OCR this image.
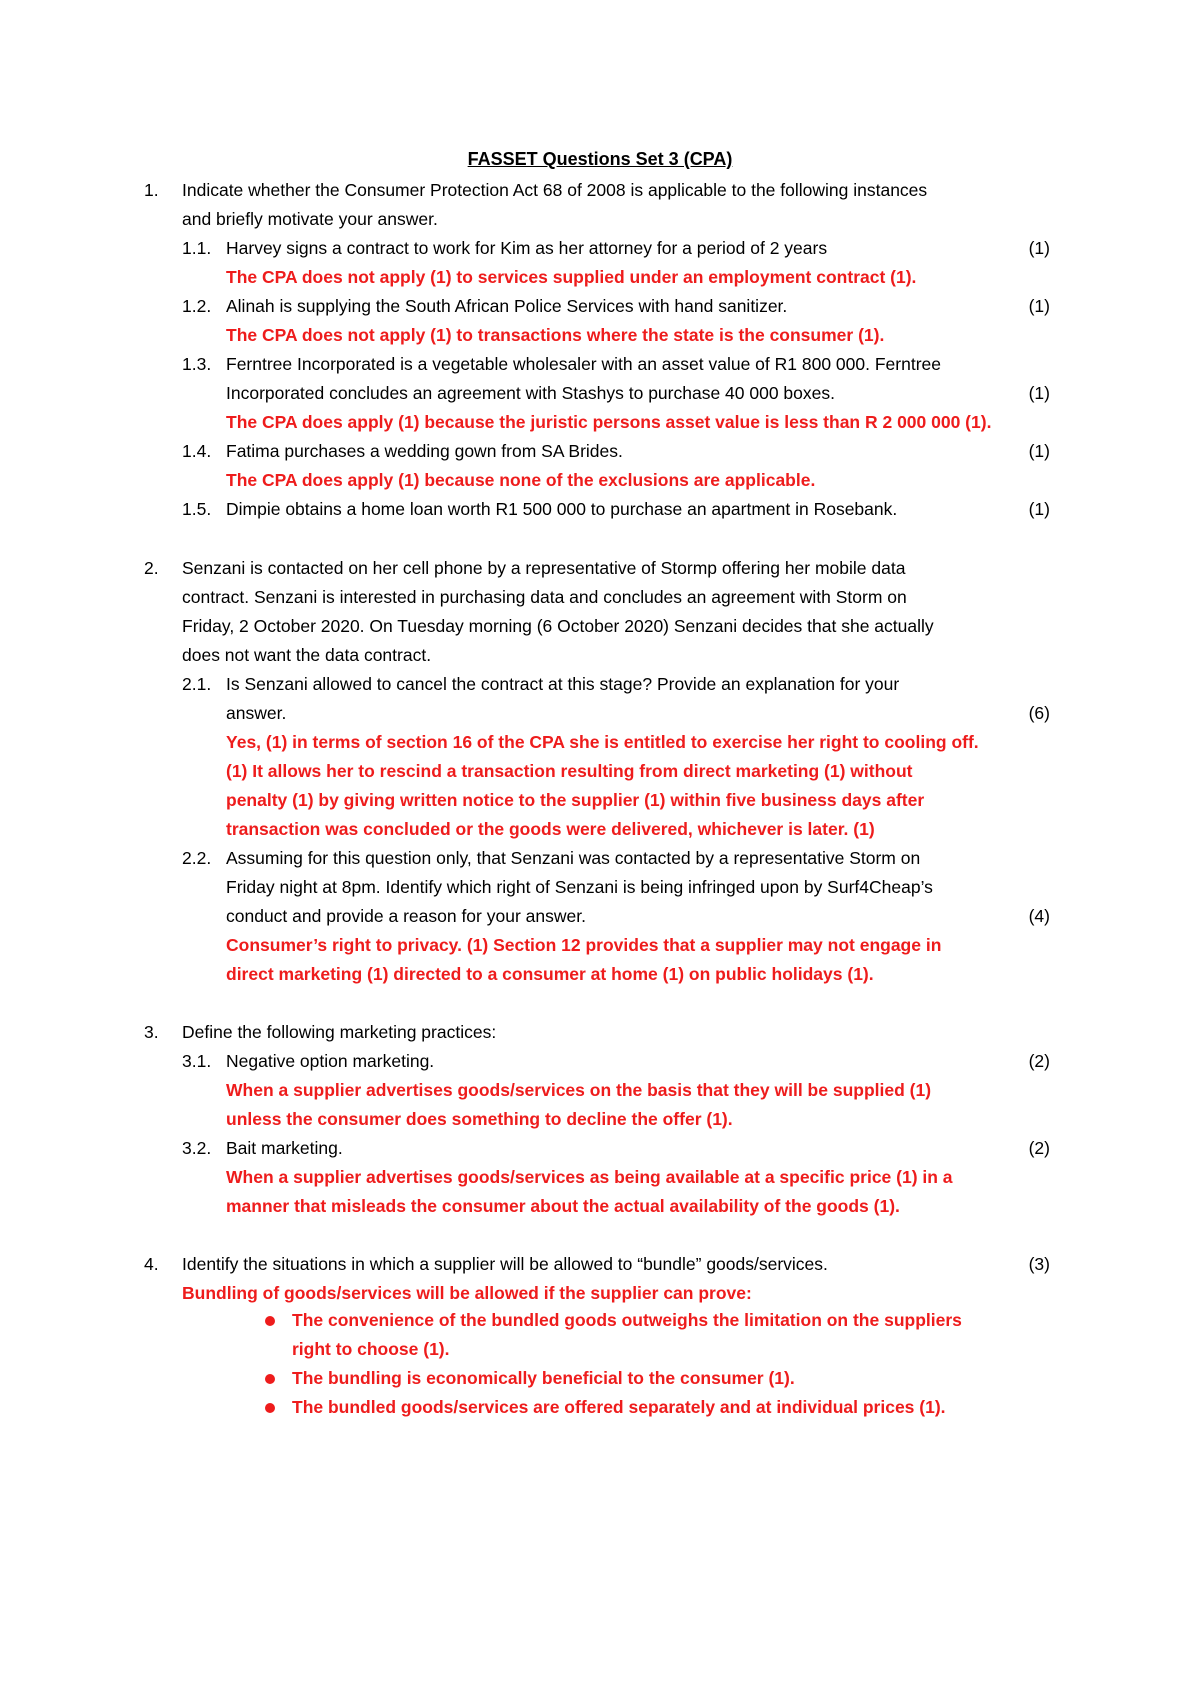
FASSET Questions Set 3 (CPA)
1. Indicate whether the Consumer Protection Act 68 of 2008 is applicable to the following instances
and briefly motivate your answer.
1.1. Harvey signs a contract to work for Kim as her attorney for a period of 2 years	(1)
The CPA does not apply (1) to services supplied under an employment contract (1).
1.2. Alinah is supplying the South African Police Services with hand sanitizer.	(1)
The CPA does not apply (1) to transactions where the state is the consumer (1).
1.3. Ferntree Incorporated is a vegetable wholesaler with an asset value of R1 800 000. Ferntree
Incorporated concludes an agreement with Stashys to purchase 40 000 boxes.	(1)
The CPA does apply (1) because the juristic persons asset value is less than R 2 000 000 (1).
1.4. Fatima purchases a wedding gown from SA Brides.	(1)
The CPA does apply (1) because none of the exclusions are applicable.
1.5. Dimpie obtains a home loan worth R1 500 000 to purchase an apartment in Rosebank.	(1)
2. Senzani is contacted on her cell phone by a representative of Stormp offering her mobile data
contract. Senzani is interested in purchasing data and concludes an agreement with Storm on
Friday, 2 October 2020. On Tuesday morning (6 October 2020) Senzani decides that she actually
does not want the data contract.
2.1. Is Senzani allowed to cancel the contract at this stage? Provide an explanation for your
answer.	(6)
Yes, (1) in terms of section 16 of the CPA she is entitled to exercise her right to cooling off.
(1) It allows her to rescind a transaction resulting from direct marketing (1) without
penalty (1) by giving written notice to the supplier (1) within five business days after
transaction was concluded or the goods were delivered, whichever is later. (1)
2.2. Assuming for this question only, that Senzani was contacted by a representative Storm on
Friday night at 8pm. Identify which right of Senzani is being infringed upon by Surf4Cheap’s
conduct and provide a reason for your answer.	(4)
Consumer’s right to privacy. (1) Section 12 provides that a supplier may not engage in
direct marketing (1) directed to a consumer at home (1) on public holidays (1).
3. Define the following marketing practices:
3.1. Negative option marketing.	(2)
When a supplier advertises goods/services on the basis that they will be supplied (1)
unless the consumer does something to decline the offer (1).
3.2. Bait marketing.	(2)
When a supplier advertises goods/services as being available at a specific price (1) in a
manner that misleads the consumer about the actual availability of the goods (1).
4. Identify the situations in which a supplier will be allowed to “bundle” goods/services.	(3)
Bundling of goods/services will be allowed if the supplier can prove:
The convenience of the bundled goods outweighs the limitation on the suppliers
right to choose (1).
The bundling is economically beneficial to the consumer (1).
The bundled goods/services are offered separately and at individual prices (1).
